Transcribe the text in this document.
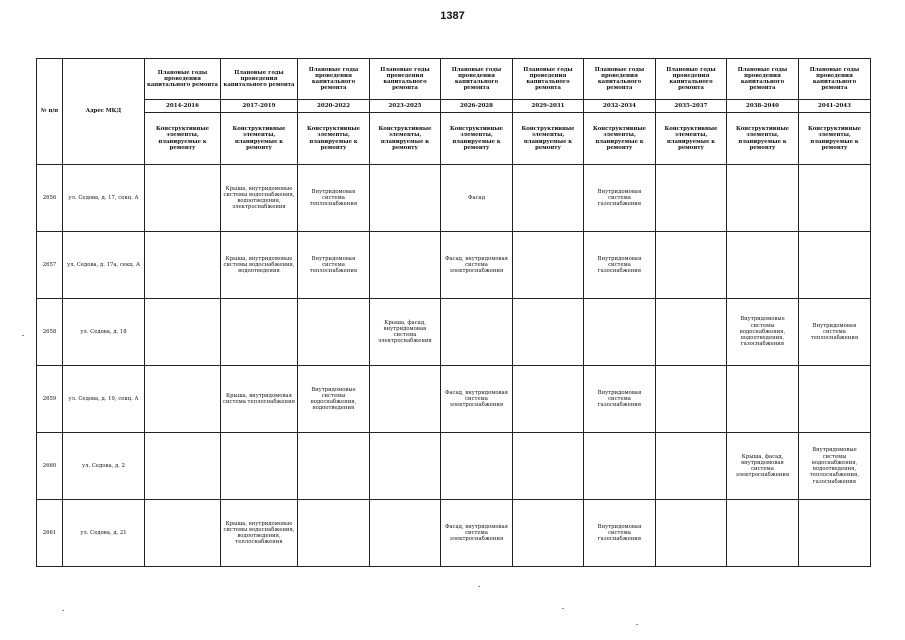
1387
№ п/п	Адрес МКД	Плановые годы проведения капитального ремонта	Плановые годы проведения капитального ремонта	Плановые годы проведения капитального ремонта	Плановые годы проведения капитального ремонта	Плановые годы проведения капитального ремонта	Плановые годы проведения капитального ремонта	Плановые годы проведения капитального ремонта	Плановые годы проведения капитального ремонта	Плановые годы проведения капитального ремонта	Плановые годы проведения капитального ремонта
		2014-2016	2017-2019	2020-2022	2023-2025	2026-2028	2029-2031	2032-2034	2035-2037	2038-2040	2041-2043
		Конструктивные элементы, планируемые к ремонту	Конструктивные элементы, планируемые к ремонту	Конструктивные элементы, планируемые к ремонту	Конструктивные элементы, планируемые к ремонту	Конструктивные элементы, планируемые к ремонту	Конструктивные элементы, планируемые к ремонту	Конструктивные элементы, планируемые к ремонту	Конструктивные элементы, планируемые к ремонту	Конструктивные элементы, планируемые к ремонту	Конструктивные элементы, планируемые к ремонту
2656	ул. Седова, д. 17, секц. А		Крыша, внутридомовые системы водоснабжения, водоотведения, электроснабжения	Внутридомовая система теплоснабжения		Фасад		Внутридомовая система газоснабжения			
2657	ул. Седова, д. 17а, секц. А		Крыша, внутридомовые системы водоснабжения, водоотведения	Внутридомовая система теплоснабжения		Фасад, внутридомовая система электроснабжения		Внутридомовая система газоснабжения			
2658	ул. Седова, д. 18				Крыша, фасад, внутридомовая система электроснабжения					Внутридомовые системы водоснабжения, водоотведения, газоснабжения	Внутридомовая система теплоснабжения
2659	ул. Седова, д. 19, секц. А		Крыша, внутридомовая система теплоснабжения	Внутридомовые системы водоснабжения, водоотведения		Фасад, внутридомовая система электроснабжения		Внутридомовая система газоснабжения			
2660	ул. Седова, д. 2									Крыша, фасад, внутридомовая система электроснабжения	Внутридомовые системы водоснабжения, водоотведения, теплоснабжения, газоснабжения
2661	ул. Седова, д. 21		Крыша, внутридомовые системы водоснабжения, водоотведения, теплоснабжения			Фасад, внутридомовая система электроснабжения		Внутридомовая система газоснабжения			
